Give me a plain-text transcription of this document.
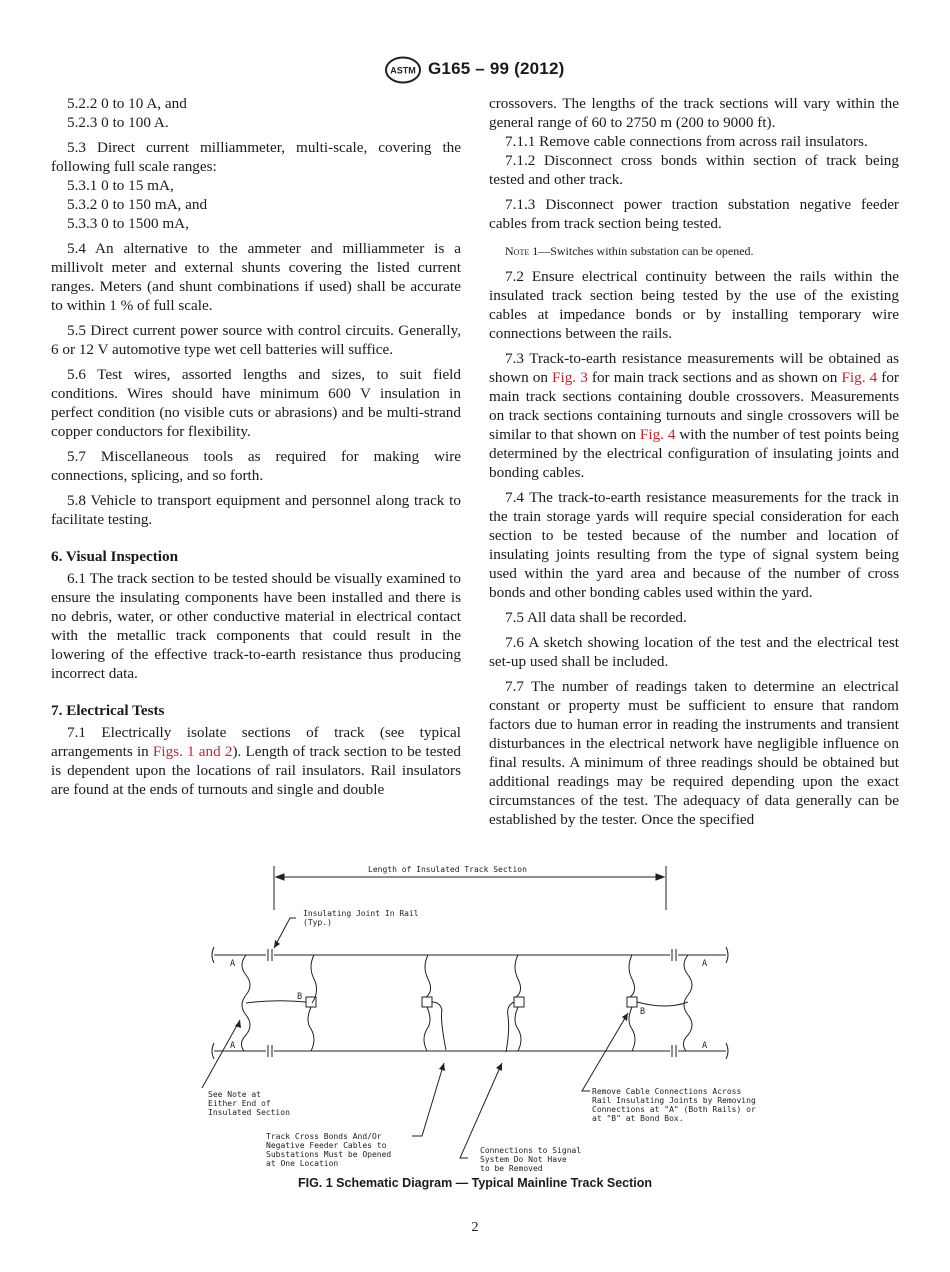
ASTM G165 – 99 (2012)

5.2.2 0 to 10 A, and

5.2.3 0 to 100 A.

5.3 Direct current milliammeter, multi-scale, covering the following full scale ranges:

5.3.1 0 to 15 mA,

5.3.2 0 to 150 mA, and

5.3.3 0 to 1500 mA,

5.4 An alternative to the ammeter and milliammeter is a millivolt meter and external shunts covering the listed current ranges. Meters (and shunt combinations if used) shall be accurate to within 1 % of full scale.

5.5 Direct current power source with control circuits. Generally, 6 or 12 V automotive type wet cell batteries will suffice.

5.6 Test wires, assorted lengths and sizes, to suit field conditions. Wires should have minimum 600 V insulation in perfect condition (no visible cuts or abrasions) and be multi-strand copper conductors for flexibility.

5.7 Miscellaneous tools as required for making wire connections, splicing, and so forth.

5.8 Vehicle to transport equipment and personnel along track to facilitate testing.

6. Visual Inspection

6.1 The track section to be tested should be visually examined to ensure the insulating components have been installed and there is no debris, water, or other conductive material in electrical contact with the metallic track components that could result in the lowering of the effective track-to-earth resistance thus producing incorrect data.

7. Electrical Tests

7.1 Electrically isolate sections of track (see typical arrangements in Figs. 1 and 2). Length of track section to be tested is dependent upon the locations of rail insulators. Rail insulators are found at the ends of turnouts and single and double

crossovers. The lengths of the track sections will vary within the general range of 60 to 2750 m (200 to 9000 ft).

7.1.1 Remove cable connections from across rail insulators.

7.1.2 Disconnect cross bonds within section of track being tested and other track.

7.1.3 Disconnect power traction substation negative feeder cables from track section being tested.

Note 1—Switches within substation can be opened.

7.2 Ensure electrical continuity between the rails within the insulated track section being tested by the use of the existing cables at impedance bonds or by installing temporary wire connections between the rails.

7.3 Track-to-earth resistance measurements will be obtained as shown on Fig. 3 for main track sections and as shown on Fig. 4 for main track sections containing double crossovers. Measurements on track sections containing turnouts and single crossovers will be similar to that shown on Fig. 4 with the number of test points being determined by the electrical configuration of insulating joints and bonding cables.

7.4 The track-to-earth resistance measurements for the track in the train storage yards will require special consideration for each section to be tested because of the number and location of insulating joints resulting from the type of signal system being used within the yard area and because of the number of cross bonds and other bonding cables used within the yard.

7.5 All data shall be recorded.

7.6 A sketch showing location of the test and the electrical test set-up used shall be included.

7.7 The number of readings taken to determine an electrical constant or property must be sufficient to ensure that random factors due to human error in reading the instruments and transient disturbances in the electrical network have negligible influence on final results. A minimum of three readings should be obtained but additional readings may be required depending upon the exact circumstances of the test. The adequacy of data generally can be established by the tester. Once the specified

Length of Insulated Track Section
Insulating Joint In Rail
(Typ.)
A
A
A
A
B
B
See Note at
Either End of
Insulated Section
Track Cross Bonds And/Or
Negative Feeder Cables to
Substations Must be Opened
at One Location
Connections to Signal
System Do Not Have
to be Removed
Remove Cable Connections Across
Rail Insulating Joints by Removing
Connections at "A" (Both Rails) or
at "B" at Bond Box.
FIG. 1 Schematic Diagram — Typical Mainline Track Section
2
